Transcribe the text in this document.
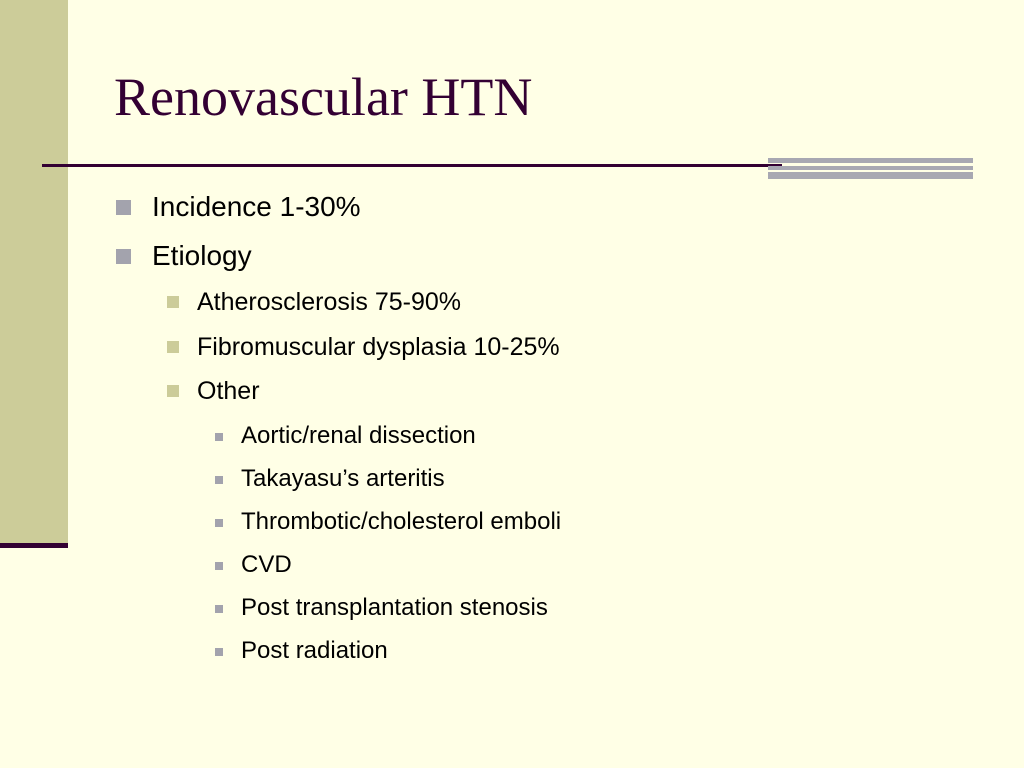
Renovascular HTN
Incidence 1-30%
Etiology
Atherosclerosis 75-90%
Fibromuscular dysplasia 10-25%
Other
Aortic/renal dissection
Takayasu’s arteritis
Thrombotic/cholesterol emboli
CVD
Post transplantation stenosis
Post radiation
